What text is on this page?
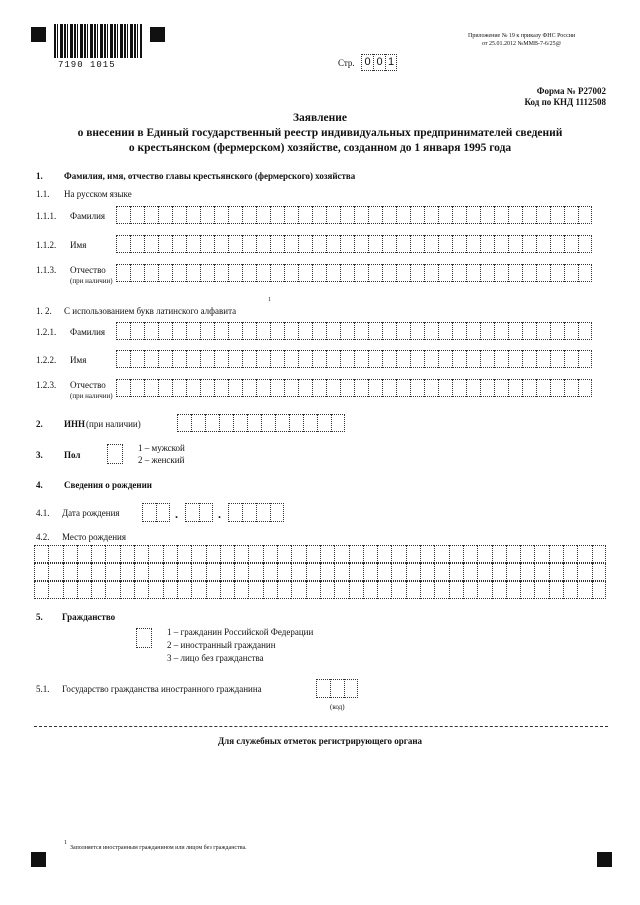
7190 1015
Приложение № 19 к приказу ФНС России
от 25.01.2012 №ММВ-7-6/25@
Стр. 0 0 1
Форма № Р27002
Код по КНД 1112508
Заявление
о внесении в Единый государственный реестр индивидуальных предпринимателей сведений
о крестьянском (фермерском) хозяйстве, созданном до 1 января 1995 года
1. Фамилия, имя, отчество главы крестьянского (фермерского) хозяйства
1.1. На русском языке
1.1.1. Фамилия
1.1.2. Имя
1.1.3. Отчество
(при наличии)
1. 2. С использованием букв латинского алфавита
1
1.2.1. Фамилия
1.2.2. Имя
1.2.3. Отчество
(при наличии)
2. ИНН (при наличии)
3. Пол
1 – мужской
2 – женский
4. Сведения о рождении
4.1. Дата рождения	.	.
4.2. Место рождения
5. Гражданство
1 – гражданин Российской Федерации
2 – иностранный гражданин
3 – лицо без гражданства
5.1. Государство гражданства иностранного гражданина
(код)
Для служебных отметок регистрирующего органа
1
Заполняется иностранным гражданином или лицом без гражданства.
